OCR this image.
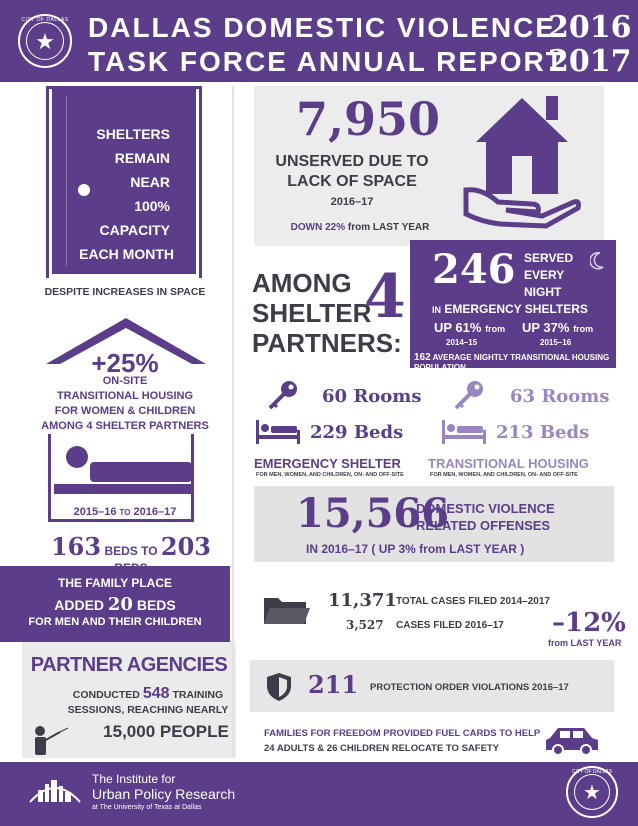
CITY OF DALLAS
★	DALLAS DOMESTIC VIOLENCE
TASK FORCE ANNUAL REPORT
2016
2017
SHELTERS
REMAIN
NEAR
100%
CAPACITY
EACH MONTH
DESPITE INCREASES IN SPACE
+25%
ON-SITE
TRANSITIONAL HOUSING
FOR WOMEN & CHILDREN
AMONG 4 SHELTER PARTNERS
2015–16 TO 2016–17
163 BEDS TO 203
THE FAMILY PLACE
ADDED 20 BEDS
FOR MEN AND THEIR CHILDREN
PARTNER AGENCIES
CONDUCTED 548 TRAINING
SESSIONS, REACHING NEARLY
15,000 PEOPLE
7,950
UNSERVED DUE TO
LACK OF SPACE
2016–17
DOWN 22% from LAST YEAR
AMONG
SHELTER
PARTNERS:
4 246 SERVED
EVERY
NIGHT
IN EMERGENCY SHELTERS
UP 61% from
2014–15
UP 37% from
2015–16
162 AVERAGE NIGHTLY TRANSITIONAL HOUSING POPULATION
60 Rooms
229 Beds
63 Rooms
213 Beds
EMERGENCY SHELTER
FOR MEN, WOMEN, AND CHILDREN, ON- AND OFF-SITE
TRANSITIONAL HOUSING
FOR MEN, WOMEN, AND CHILDREN, ON- AND OFF-SITE
15,566
DOMESTIC VIOLENCE
RELATED OFFENSES
IN 2016–17 ( UP 3% from LAST YEAR )
11,371 TOTAL CASES FILED 2014–2017
3,527 CASES FILED 2016–17 –12%
from LAST YEAR
211 PROTECTION ORDER VIOLATIONS 2016–17
FAMILIES FOR FREEDOM PROVIDED FUEL CARDS TO HELP
24 ADULTS & 26 CHILDREN RELOCATE TO SAFETY
The Institute for
Urban Policy Research
at The University of Texas at Dallas
CITY OF DALLAS
★
